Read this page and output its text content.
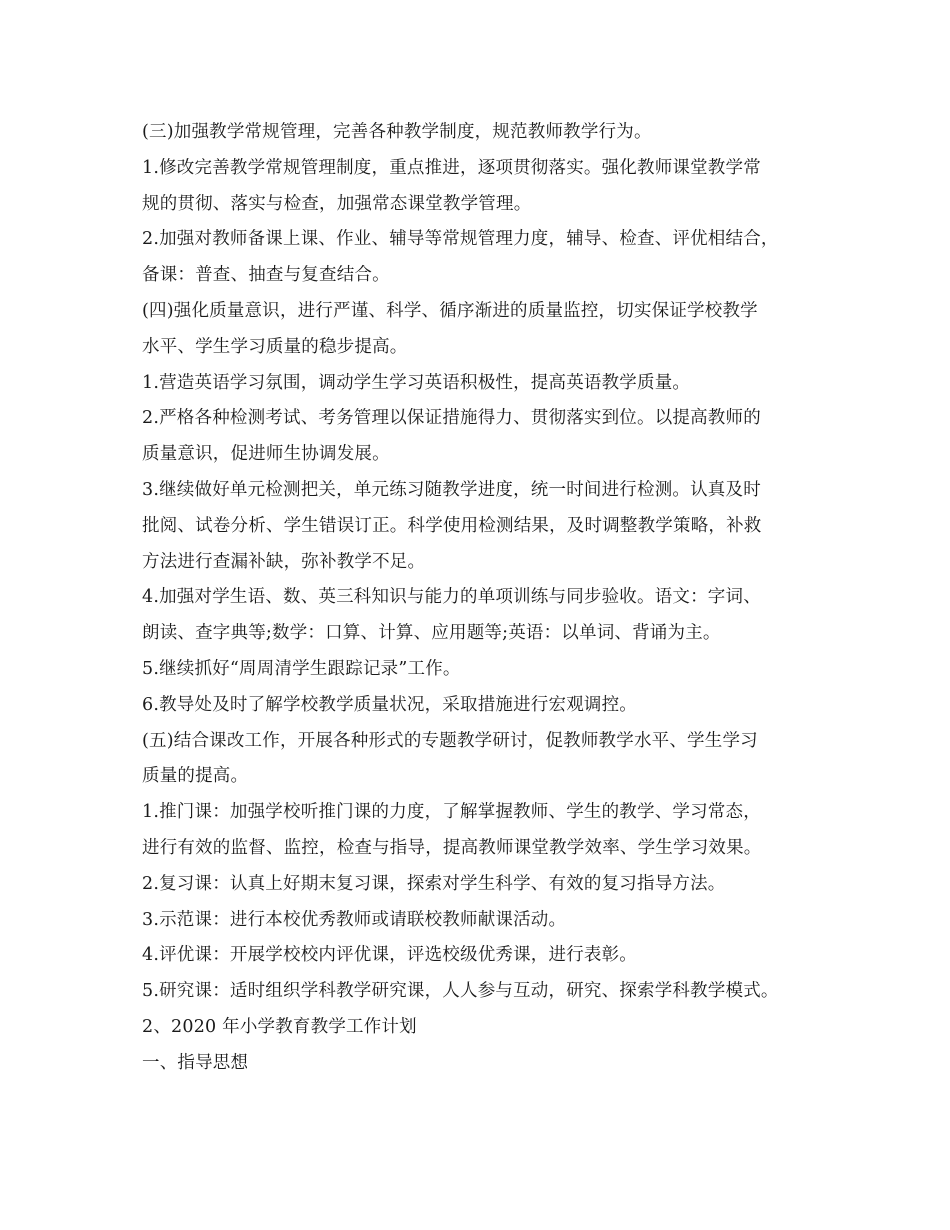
(三)加强教学常规管理，完善各种教学制度，规范教师教学行为。
1.修改完善教学常规管理制度，重点推进，逐项贯彻落实。强化教师课堂教学常
规的贯彻、落实与检查，加强常态课堂教学管理。
2.加强对教师备课上课、作业、辅导等常规管理力度，辅导、检查、评优相结合，
备课：普查、抽查与复查结合。
(四)强化质量意识，进行严谨、科学、循序渐进的质量监控，切实保证学校教学
水平、学生学习质量的稳步提高。
1.营造英语学习氛围，调动学生学习英语积极性，提高英语教学质量。
2.严格各种检测考试、考务管理以保证措施得力、贯彻落实到位。以提高教师的
质量意识，促进师生协调发展。
3.继续做好单元检测把关，单元练习随教学进度，统一时间进行检测。认真及时
批阅、试卷分析、学生错误订正。科学使用检测结果，及时调整教学策略，补救
方法进行查漏补缺，弥补教学不足。
4.加强对学生语、数、英三科知识与能力的单项训练与同步验收。语文：字词、
朗读、查字典等;数学：口算、计算、应用题等;英语：以单词、背诵为主。
5.继续抓好“周周清学生跟踪记录”工作。
6.教导处及时了解学校教学质量状况，采取措施进行宏观调控。
(五)结合课改工作，开展各种形式的专题教学研讨，促教师教学水平、学生学习
质量的提高。
1.推门课：加强学校听推门课的力度，了解掌握教师、学生的教学、学习常态，
进行有效的监督、监控，检查与指导，提高教师课堂教学效率、学生学习效果。
2.复习课：认真上好期末复习课，探索对学生科学、有效的复习指导方法。
3.示范课：进行本校优秀教师或请联校教师献课活动。
4.评优课：开展学校校内评优课，评选校级优秀课，进行表彰。
5.研究课：适时组织学科教学研究课，人人参与互动，研究、探索学科教学模式。
2、2020 年小学教育教学工作计划
一、指导思想
